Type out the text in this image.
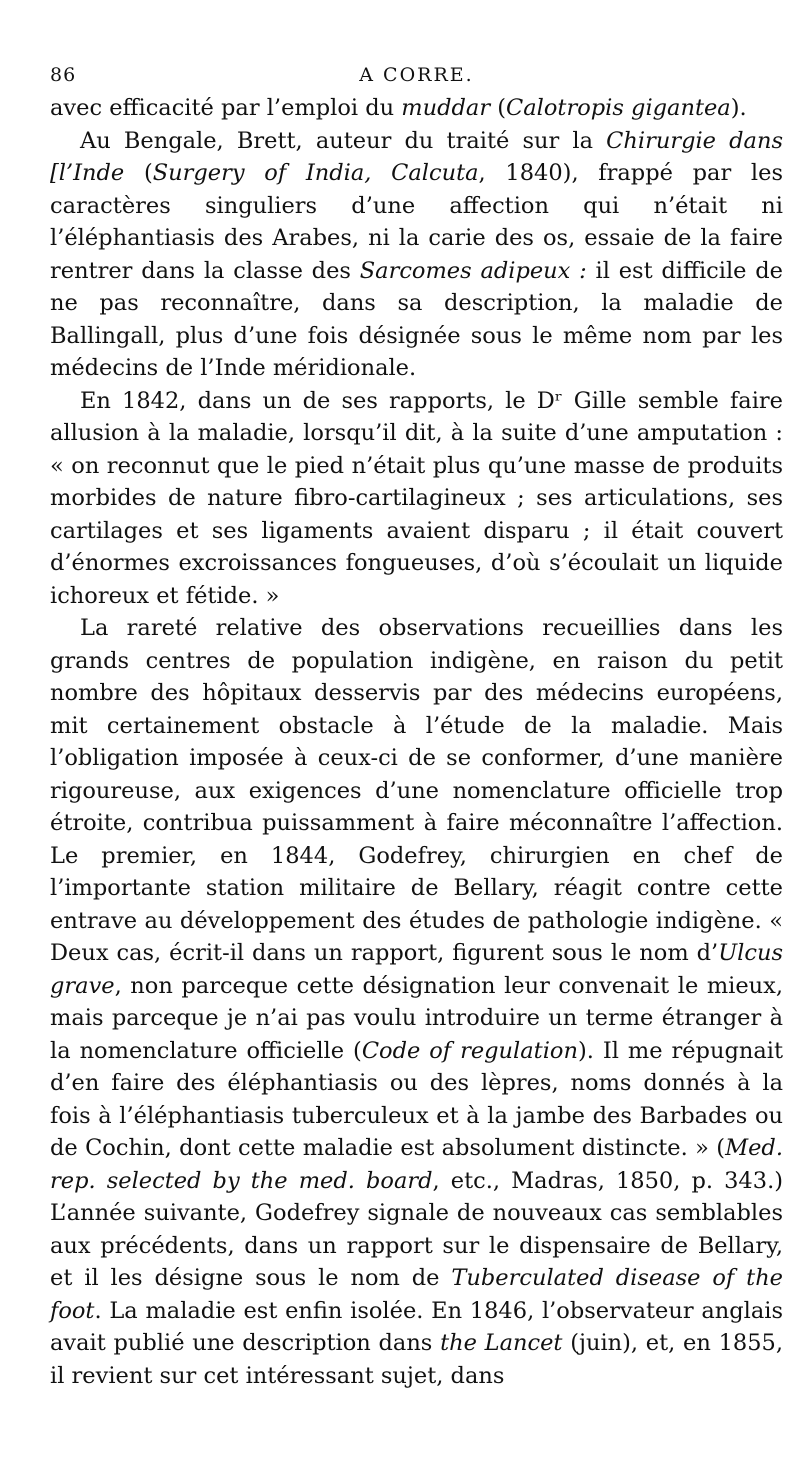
86	A CORRE.

avec efficacité par l’emploi du muddar (Calotropis gigantea).

Au Bengale, Brett, auteur du traité sur la Chirurgie dans [l’Inde (Surgery of India, Calcuta, 1840), frappé par les caractères singuliers d’une affection qui n’était ni l’éléphantiasis des Arabes, ni la carie des os, essaie de la faire rentrer dans la classe des Sarcomes adipeux : il est difficile de ne pas reconnaître, dans sa description, la maladie de Ballingall, plus d’une fois désignée sous le même nom par les médecins de l’Inde méridionale.

En 1842, dans un de ses rapports, le Dʳ Gille semble faire allusion à la maladie, lorsqu’il dit, à la suite d’une amputation : « on reconnut que le pied n’était plus qu’une masse de produits morbides de nature fibro-cartilagineux ; ses articulations, ses cartilages et ses ligaments avaient disparu ; il était couvert d’énormes excroissances fongueuses, d’où s’écoulait un liquide ichoreux et fétide. »

La rareté relative des observations recueillies dans les grands centres de population indigène, en raison du petit nombre des hôpitaux desservis par des médecins européens, mit certainement obstacle à l’étude de la maladie. Mais l’obligation imposée à ceux-ci de se conformer, d’une manière rigoureuse, aux exigences d’une nomenclature officielle trop étroite, contribua puissamment à faire méconnaître l’affection. Le premier, en 1844, Godefrey, chirurgien en chef de l’importante station militaire de Bellary, réagit contre cette entrave au développement des études de pathologie indigène. « Deux cas, écrit-il dans un rapport, figurent sous le nom d’Ulcus grave, non parceque cette désignation leur convenait le mieux, mais parceque je n’ai pas voulu introduire un terme étranger à la nomenclature officielle (Code of regulation). Il me répugnait d’en faire des éléphantiasis ou des lèpres, noms donnés à la fois à l’éléphantiasis tuberculeux et à la jambe des Barbades ou de Cochin, dont cette maladie est absolument distincte. » (Med. rep. selected by the med. board, etc., Madras, 1850, p. 343.) L’année suivante, Godefrey signale de nouveaux cas semblables aux précédents, dans un rapport sur le dispensaire de Bellary, et il les désigne sous le nom de Tuberculated disease of the foot. La maladie est enfin isolée. En 1846, l’observateur anglais avait publié une description dans the Lancet (juin), et, en 1855, il revient sur cet intéressant sujet, dans
